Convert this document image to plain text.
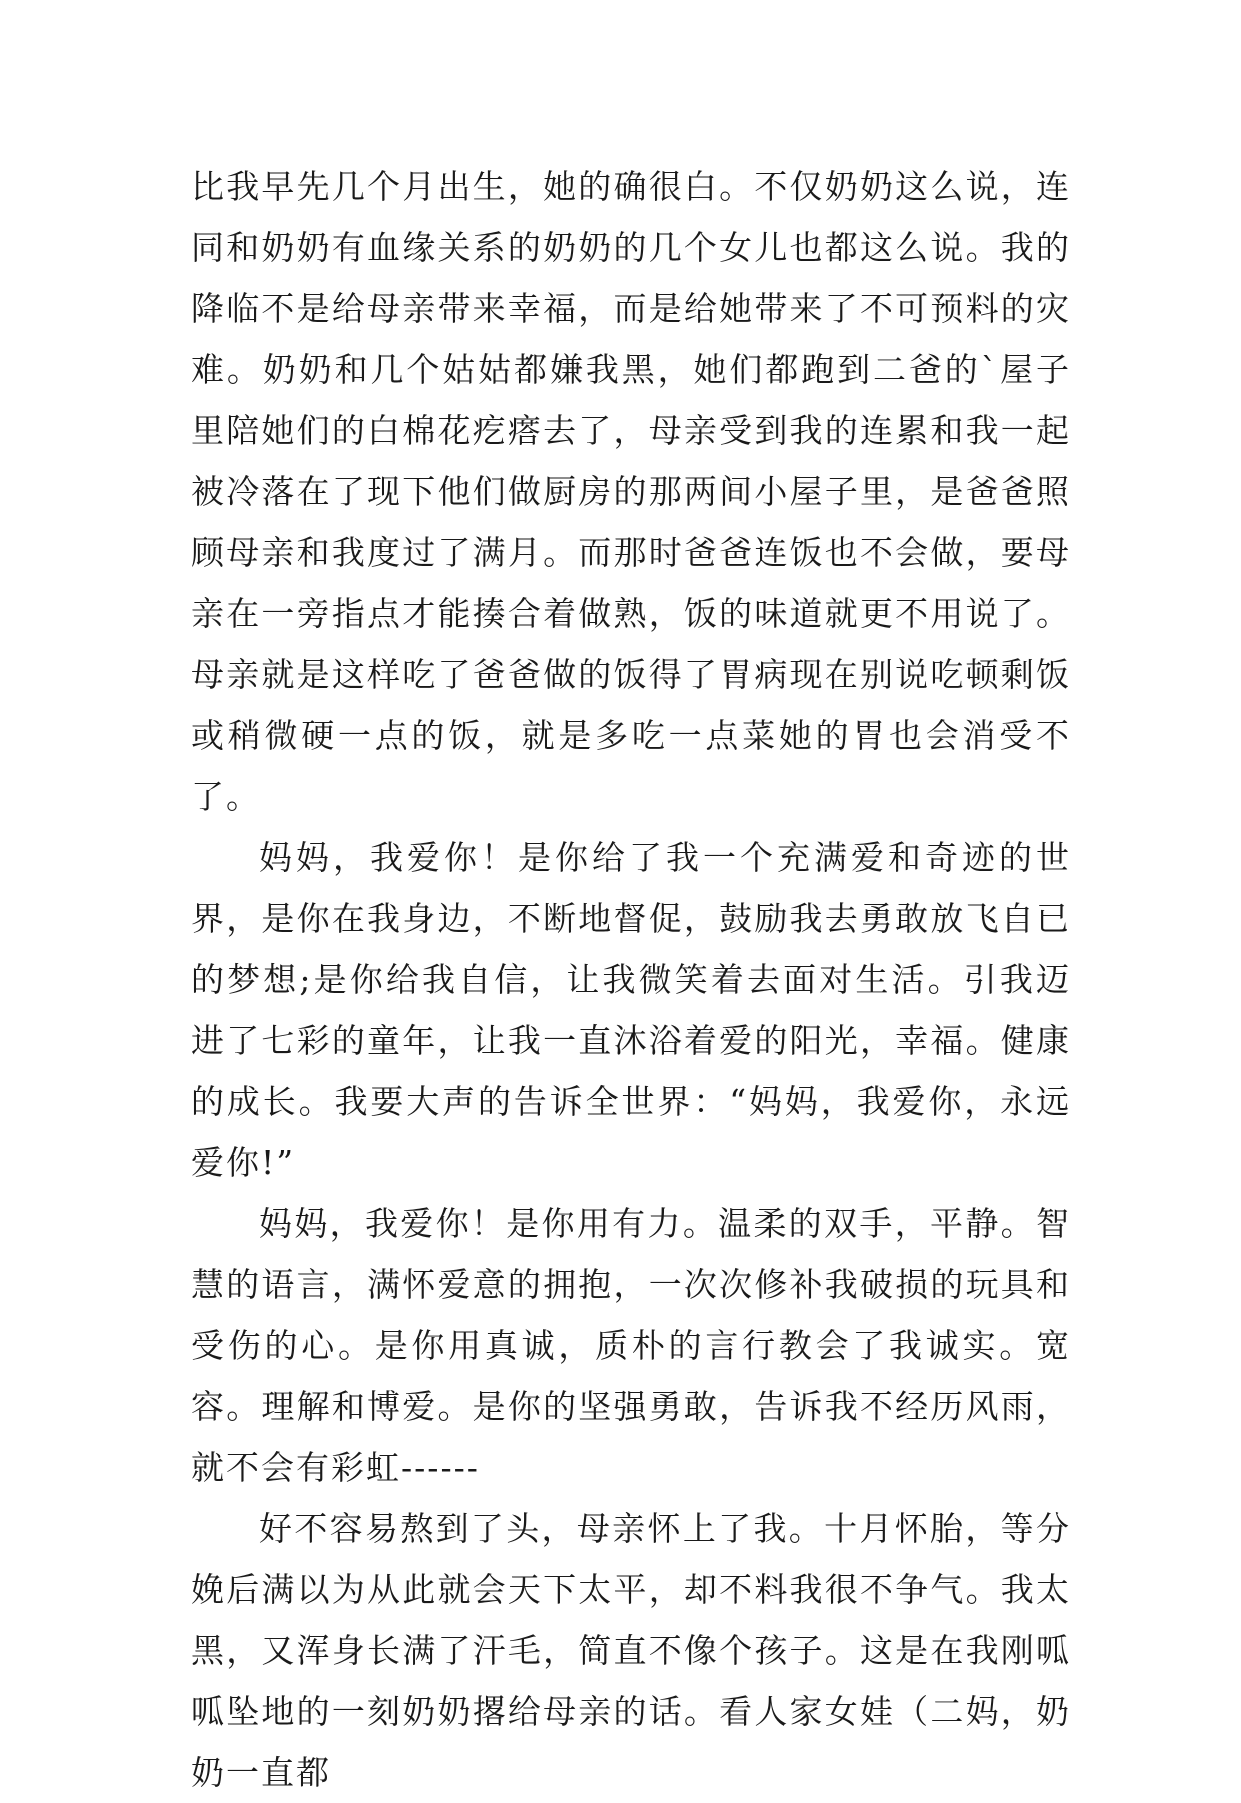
比我早先几个月出生，她的确很白。不仅奶奶这么说，连同和奶奶有血缘关系的奶奶的几个女儿也都这么说。我的降临不是给母亲带来幸福，而是给她带来了不可预料的灾难。奶奶和几个姑姑都嫌我黑，她们都跑到二爸的`屋子里陪她们的白棉花疙瘩去了，母亲受到我的连累和我一起被冷落在了现下他们做厨房的那两间小屋子里，是爸爸照顾母亲和我度过了满月。而那时爸爸连饭也不会做，要母亲在一旁指点才能揍合着做熟，饭的味道就更不用说了。母亲就是这样吃了爸爸做的饭得了胃病现在别说吃顿剩饭或稍微硬一点的饭，就是多吃一点菜她的胃也会消受不了。

妈妈，我爱你！是你给了我一个充满爱和奇迹的世界，是你在我身边，不断地督促，鼓励我去勇敢放飞自已的梦想;是你给我自信，让我微笑着去面对生活。引我迈进了七彩的童年，让我一直沐浴着爱的阳光，幸福。健康的成长。我要大声的告诉全世界：“妈妈，我爱你，永远爱你!”

妈妈，我爱你！是你用有力。温柔的双手，平静。智慧的语言，满怀爱意的拥抱，一次次修补我破损的玩具和受伤的心。是你用真诚，质朴的言行教会了我诚实。宽容。理解和博爱。是你的坚强勇敢，告诉我不经历风雨，就不会有彩虹------

好不容易熬到了头，母亲怀上了我。十月怀胎，等分娩后满以为从此就会天下太平，却不料我很不争气。我太黑，又浑身长满了汗毛，简直不像个孩子。这是在我刚呱呱坠地的一刻奶奶撂给母亲的话。看人家女娃（二妈，奶奶一直都
